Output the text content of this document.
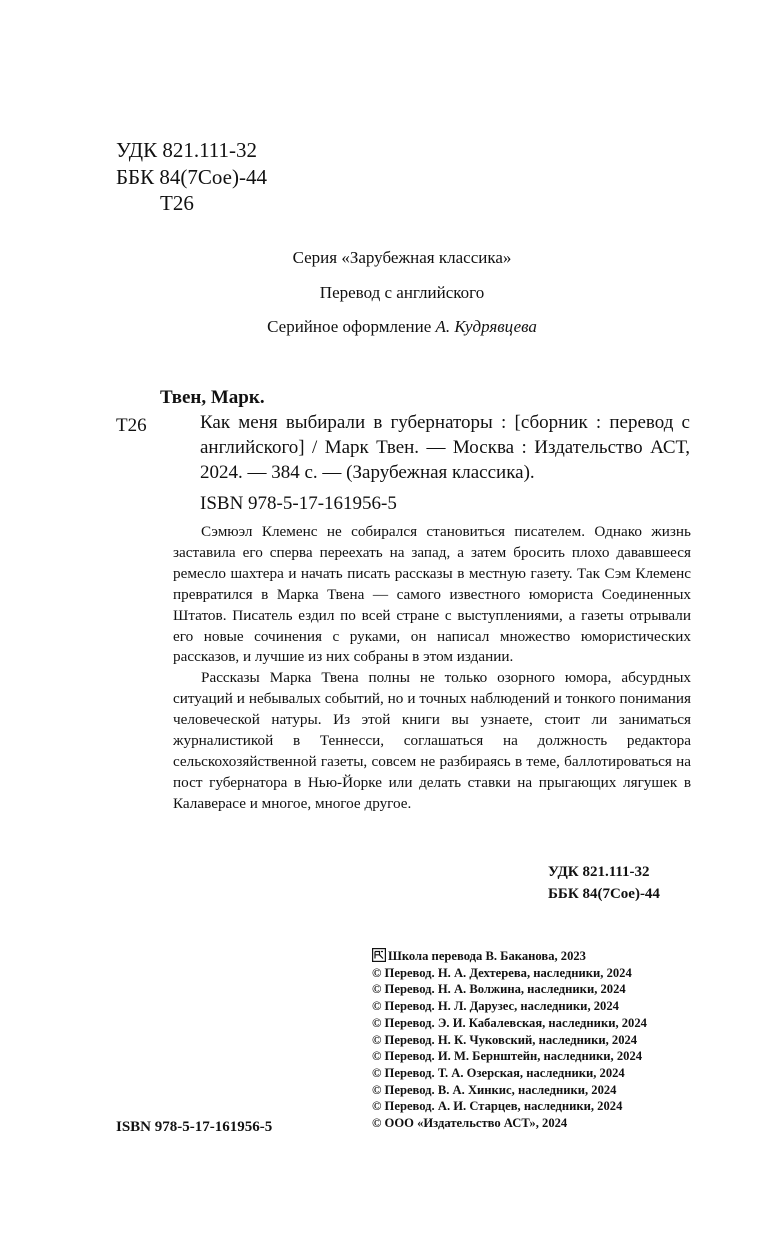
УДК 821.111-32
ББК 84(7Сое)-44
Т26
Серия «Зарубежная классика»
Перевод с английского
Серийное оформление А. Кудрявцева
Твен, Марк.
Т26	Как меня выбирали в губернаторы : [сборник : перевод с английского] / Марк Твен. — Москва : Издательство АСТ, 2024. — 384 с. — (Зарубежная классика).
ISBN 978-5-17-161956-5

Сэмюэл Клеменс не собирался становиться писателем. Однако жизнь заставила его сперва переехать на запад, а затем бросить плохо дававшееся ремесло шахтера и начать писать рассказы в местную газету. Так Сэм Клеменс превратился в Марка Твена — самого известного юмориста Соединенных Штатов. Писатель ездил по всей стране с выступлениями, а газеты отрывали его новые сочинения с руками, он написал множество юмористических рассказов, и лучшие из них собраны в этом издании.

Рассказы Марка Твена полны не только озорного юмора, абсурдных ситуаций и небывалых событий, но и точных наблюдений и тонкого понимания человеческой натуры. Из этой книги вы узнаете, стоит ли заниматься журналистикой в Теннесси, соглашаться на должность редактора сельскохозяйственной газеты, совсем не разбираясь в теме, баллотироваться на пост губернатора в Нью-Йорке или делать ставки на прыгающих лягушек в Калаверасе и многое, многое другое.

УДК 821.111-32
ББК 84(7Сое)-44
Школа перевода В. Баканова, 2023
© Перевод. Н. А. Дехтерева, наследники, 2024
© Перевод. Н. А. Волжина, наследники, 2024
© Перевод. Н. Л. Дарузес, наследники, 2024
© Перевод. Э. И. Кабалевская, наследники, 2024
© Перевод. Н. К. Чуковский, наследники, 2024
© Перевод. И. М. Бернштейн, наследники, 2024
© Перевод. Т. А. Озерская, наследники, 2024
© Перевод. В. А. Хинкис, наследники, 2024
© Перевод. А. И. Старцев, наследники, 2024
© ООО «Издательство АСТ», 2024
ISBN 978-5-17-161956-5
